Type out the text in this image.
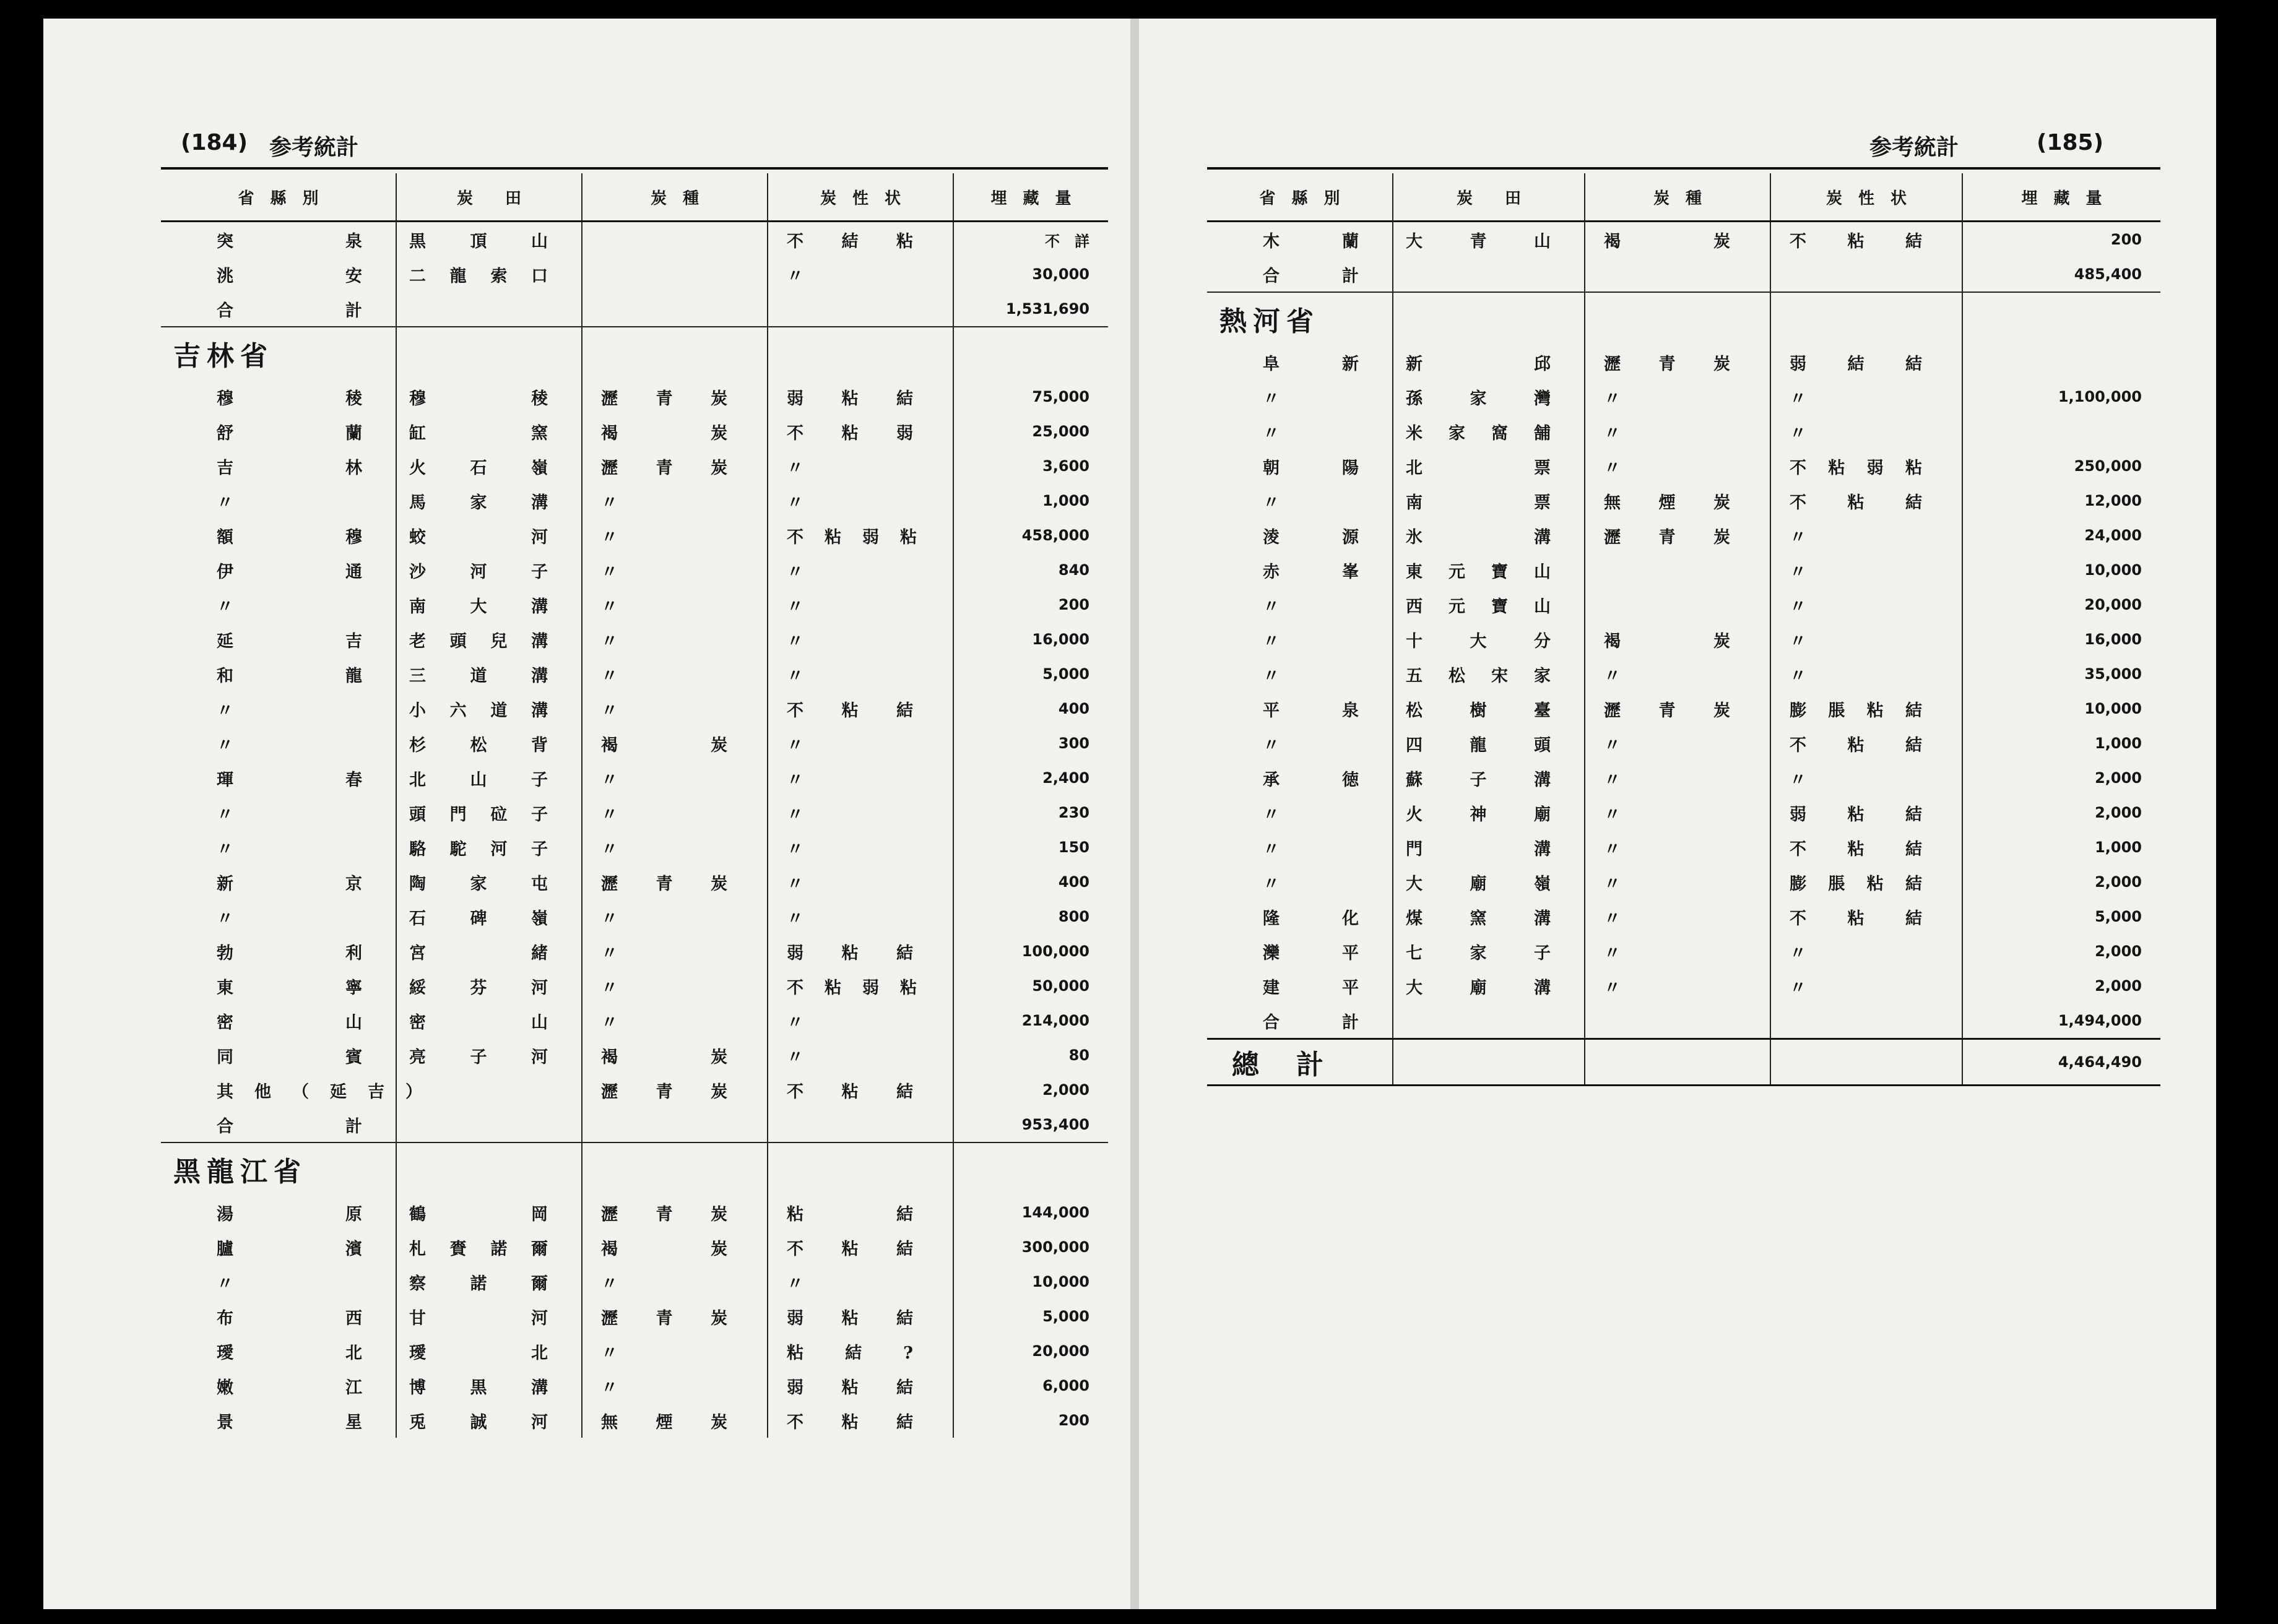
(184) 参考統計
省　縣　別	炭　　田	炭　種	炭　性　状	埋　藏　量
突泉	黒頂山		不結粘	不　詳
洮安	二龍索口		〃	30,000
合計				1,531,690
吉林省				
穆稜	穆稜	瀝青炭	弱粘結	75,000
舒蘭	缸窯	褐炭	不粘弱	25,000
吉林	火石嶺	瀝青炭	〃	3,600
〃	馬家溝	〃	〃	1,000
額穆	蛟河	〃	不粘弱粘	458,000
伊通	沙河子	〃	〃	840
〃	南大溝	〃	〃	200
延吉	老頭兒溝	〃	〃	16,000
和龍	三道溝	〃	〃	5,000
〃	小六道溝	〃	不粘結	400
〃	杉松背	褐炭	〃	300
琿春	北山子	〃	〃	2,400
〃	頭門砬子	〃	〃	230
〃	駱駝河子	〃	〃	150
新京	陶家屯	瀝青炭	〃	400
〃	石碑嶺	〃	〃	800
勃利	宮緒	〃	弱粘結	100,000
東寧	綏芬河	〃	不粘弱粘	50,000
密山	密山	〃	〃	214,000
同賓	亮子河	褐炭	〃	80
其他（延吉）		瀝青炭	不粘結	2,000
合計				953,400
黑龍江省				
湯原	鶴岡	瀝青炭	粘結	144,000
臚濱	札賚諾爾	褐炭	不粘結	300,000
〃	察諾爾	〃	〃	10,000
布西	甘河	瀝青炭	弱粘結	5,000
璦北	璦北	〃	粘結?	20,000
嫩江	博黒溝	〃	弱粘結	6,000
景星	兎誠河	無煙炭	不粘結	200
参考統計	(185)
省　縣　別	炭　　田	炭　種	炭　性　状	埋　藏　量
木蘭	大青山	褐炭	不粘結	200
合計				485,400
熱河省				
阜新	新邱	瀝青炭	弱結結	
〃	孫家灣	〃	〃	1,100,000
〃	米家窩舗	〃	〃	
朝陽	北票	〃	不粘弱粘	250,000
〃	南票	無煙炭	不粘結	12,000
淩源	氷溝	瀝青炭	〃	24,000
赤峯	東元寶山		〃	10,000
〃	西元寶山		〃	20,000
〃	十大分	褐炭	〃	16,000
〃	五松宋家	〃	〃	35,000
平泉	松樹臺	瀝青炭	膨脹粘結	10,000
〃	四龍頭	〃	不粘結	1,000
承徳	蘇子溝	〃	〃	2,000
〃	火神廟	〃	弱粘結	2,000
〃	門溝	〃	不粘結	1,000
〃	大廟嶺	〃	膨脹粘結	2,000
隆化	煤窯溝	〃	不粘結	5,000
灤平	七家子	〃	〃	2,000
建平	大廟溝	〃	〃	2,000
合計				1,494,000
總計				4,464,490
